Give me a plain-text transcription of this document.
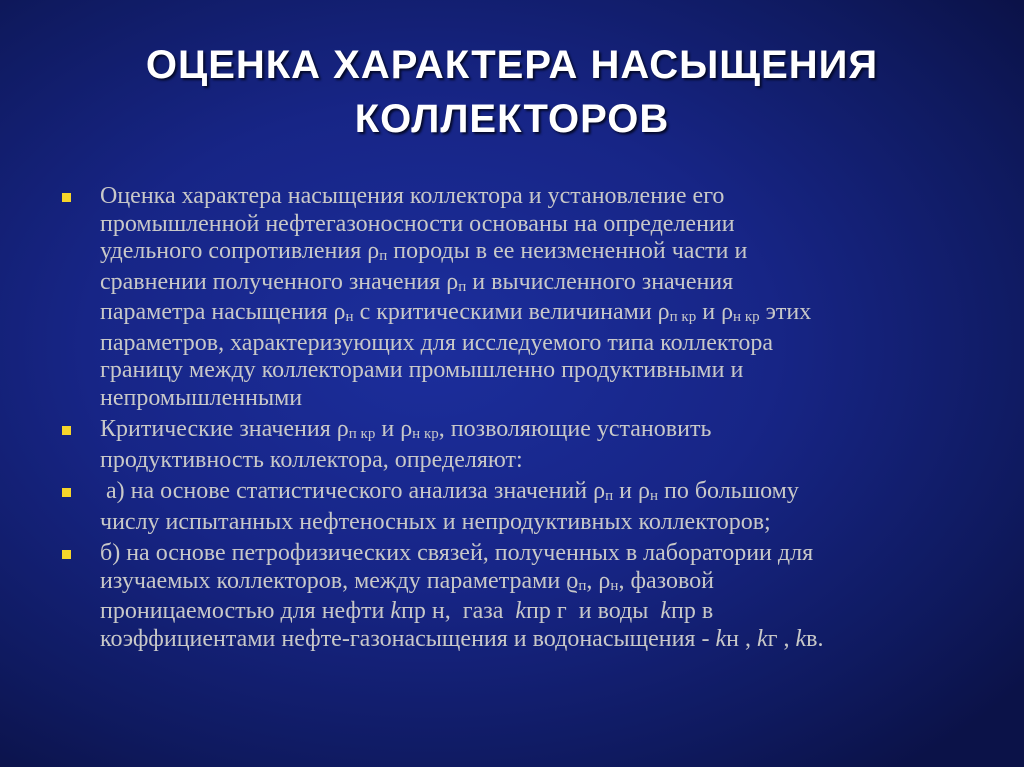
ОЦЕНКА ХАРАКТЕРА НАСЫЩЕНИЯ
КОЛЛЕКТОРОВ
Оценка характера насыщения коллектора и установление его
промышленной нефтегазоносности основаны на определении
удельного сопротивления ρп породы в ее неизмененной части и
сравнении полученного значения ρп и вычисленного значения
параметра насыщения ρн с критическими величинами ρп кр и ρн кр этих
параметров, характеризующих для исследуемого типа коллектора
границу между коллекторами промышленно продуктивными и
непромышленными
Критические значения ρп кр и ρн кр, позволяющие установить
продуктивность коллектора, определяют:
а) на основе статистического анализа значений ρп и ρн по большому
числу испытанных нефтеносных и непродуктивных коллекторов;
б) на основе петрофизических связей, полученных в лаборатории для
изучаемых коллекторов, между параметрами ϱп, ρн, фазовой
проницаемостью для нефти kпр н,  газа  kпр г  и воды  kпр в
коэффициентами нефте-газонасыщения и водонасыщения - kн , kг , kв.
